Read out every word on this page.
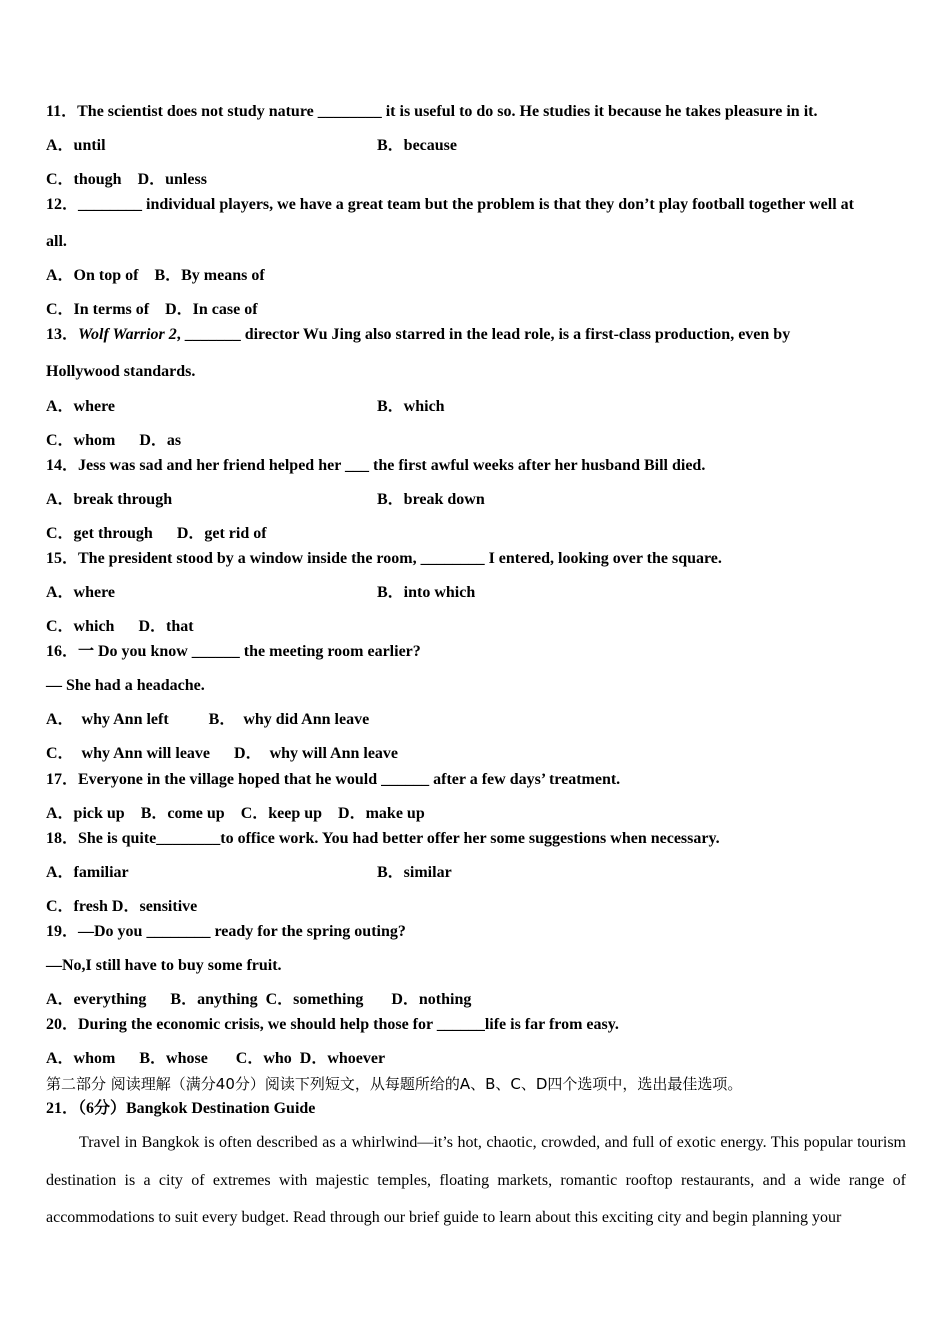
11．The scientist does not study nature ________ it is useful to do so. He studies it because he takes pleasure in it.
A．until	B．because
C．though    D．unless
12．________ individual players, we have a great team but the problem is that they don’t play football together well at
all.
A．On top of    B．By means of
C．In terms of    D．In case of
13．Wolf Warrior 2, _______ director Wu Jing also starred in the lead role, is a first-class production, even by
Hollywood standards.
A．where	B．which
C．whom      D．as
14．Jess was sad and her friend helped her ___ the first awful weeks after her husband Bill died.
A．break through	B．break down
C．get through      D．get rid of
15．The president stood by a window inside the room, ________ I entered, looking over the square.
A．where	B．into which
C．which      D．that
16．一 Do you know ______ the meeting room earlier?
— She had a headache.
A．  why Ann left          B．  why did Ann leave
C．  why Ann will leave      D．  why will Ann leave
17．Everyone in the village hoped that he would ______ after a few days’ treatment.
A．pick up    B．come up    C．keep up    D．make up
18．She is quite________to office work. You had better offer her some suggestions when necessary.
A．familiar	B．similar
C．fresh D．sensitive
19．—Do you ________ ready for the spring outing?
—No,I still have to buy some fruit.
A．everything      B．anything  C．something       D．nothing
20．During the economic crisis, we should help those for ______life is far from easy.
A．whom      B．whose       C．who  D．whoever
第二部分 阅读理解（满分40分）阅读下列短文，从每题所给的A、B、C、D四个选项中，选出最佳选项。
21．（6分）Bangkok Destination Guide
Travel in Bangkok is often described as a whirlwind—it’s hot, chaotic, crowded, and full of exotic energy. This popular tourism destination is a city of extremes with majestic temples, floating markets, romantic rooftop restaurants, and a wide range of accommodations to suit every budget. Read through our brief guide to learn about this exciting city and begin planning your
